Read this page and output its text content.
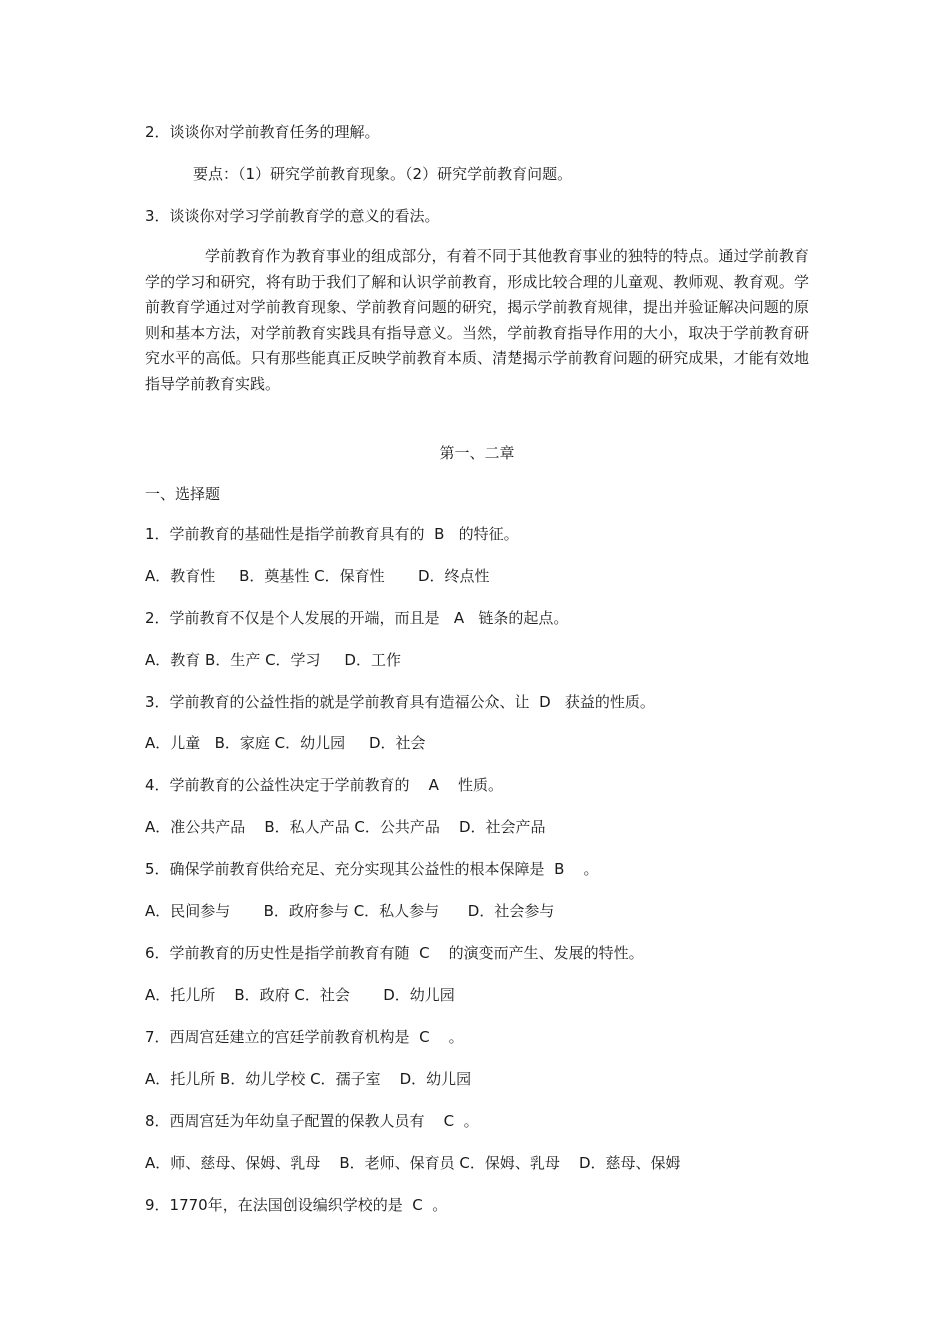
2．谈谈你对学前教育任务的理解。
要点：（1）研究学前教育现象。（2）研究学前教育问题。
3．谈谈你对学习学前教育学的意义的看法。
学前教育作为教育事业的组成部分，有着不同于其他教育事业的独特的特点。通过学前教育学的学习和研究，将有助于我们了解和认识学前教育，形成比较合理的儿童观、教师观、教育观。学前教育学通过对学前教育现象、学前教育问题的研究，揭示学前教育规律，提出并验证解决问题的原则和基本方法，对学前教育实践具有指导意义。当然，学前教育指导作用的大小，取决于学前教育研究水平的高低。只有那些能真正反映学前教育本质、清楚揭示学前教育问题的研究成果，才能有效地指导学前教育实践。
第一、二章
一、选择题
1．学前教育的基础性是指学前教育具有的  B   的特征。
A．教育性     B．奠基性 C．保育性       D．终点性
2．学前教育不仅是个人发展的开端，而且是   A   链条的起点。
A．教育 B．生产 C．学习     D．工作
3．学前教育的公益性指的就是学前教育具有造福公众、让  D   获益的性质。
A．儿童   B．家庭 C．幼儿园     D．社会
4．学前教育的公益性决定于学前教育的    A    性质。
A．准公共产品    B．私人产品 C．公共产品    D．社会产品
5．确保学前教育供给充足、充分实现其公益性的根本保障是  B    。
A．民间参与       B．政府参与 C．私人参与      D．社会参与
6．学前教育的历史性是指学前教育有随  C    的演变而产生、发展的特性。
A．托儿所    B．政府 C．社会       D．幼儿园
7．西周宫廷建立的宫廷学前教育机构是  C    。
A．托儿所 B．幼儿学校 C．孺子室    D．幼儿园
8．西周宫廷为年幼皇子配置的保教人员有    C  。
A．师、慈母、保姆、乳母    B．老师、保育员 C．保姆、乳母    D．慈母、保姆
9．1770年，在法国创设编织学校的是  C  。
